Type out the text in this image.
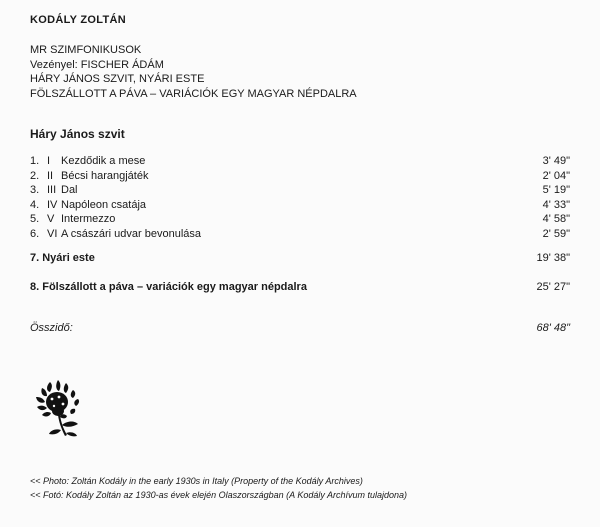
KODÁLY ZOLTÁN
MR SZIMFONIKUSOK
Vezényel: FISCHER ÁDÁM
HÁRY JÁNOS SZVIT, NYÁRI ESTE
FÖLSZÁLLOTT A PÁVA – VARIÁCIÓK EGY MAGYAR NÉPDALRA
Háry János szvit
1. I Kezdődik a mese	3' 49"
2. II Bécsi harangjáték	2' 04"
3. III Dal	5' 19"
4. IV Napóleon csatája	4' 33"
5. V Intermezzo	4' 58"
6. VI A császári udvar bevonulása	2' 59"
7. Nyári este	19' 38"
8. Fölszállott a páva – variációk egy magyar népdalra	25' 27"
Összidő:	68' 48"
<< Photo: Zoltán Kodály in the early 1930s in Italy (Property of the Kodály Archives)
<< Fotó: Kodály Zoltán az 1930-as évek elején Olaszországban (A Kodály Archívum tulajdona)
